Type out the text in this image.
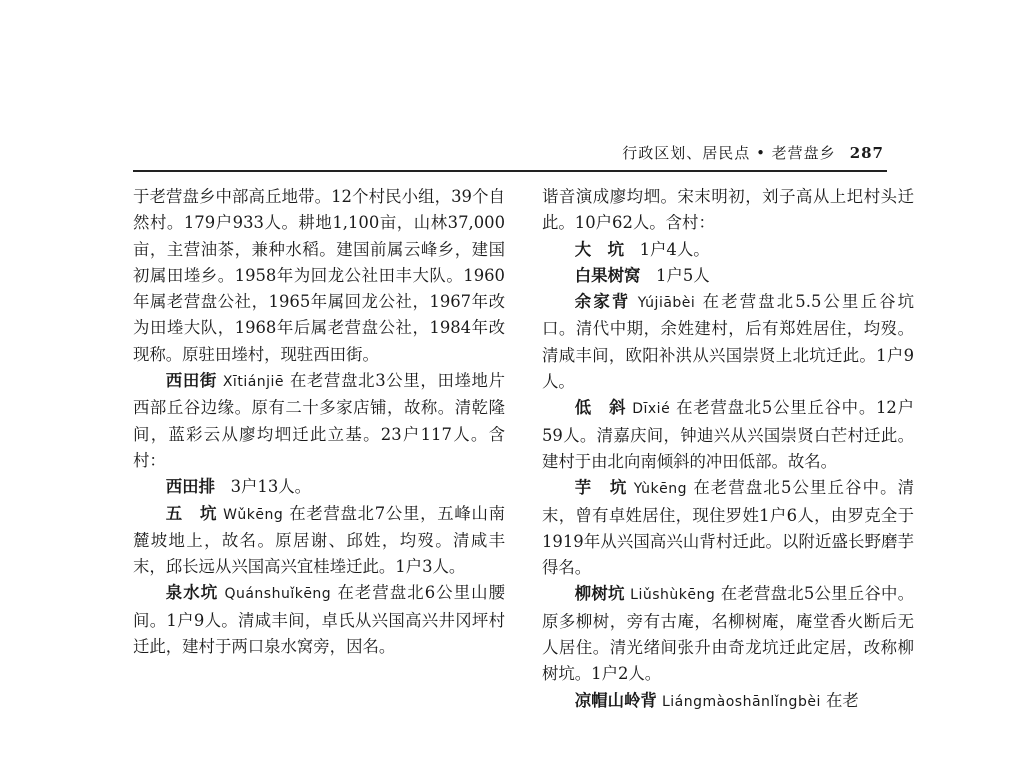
行政区划、居民点 • 老营盘乡 287

于老营盘乡中部高丘地带。12个村民小组，39个自然村。179户933人。耕地1,100亩，山林37,000亩，主营油茶，兼种水稻。建国前属云峰乡，建国初属田堘乡。1958年为回龙公社田丰大队。1960年属老营盘公社，1965年属回龙公社，1967年改为田堘大队，1968年后属老营盘公社，1984年改现称。原驻田堘村，现驻西田街。

西田街 Xītiánjiē 在老营盘北3公里，田堘地片西部丘谷边缘。原有二十多家店铺，故称。清乾隆间，蓝彩云从廖均垇迁此立基。23户117人。含村：

西田排   3户13人。

五　坑 Wǔkēng 在老营盘北7公里，五峰山南麓坡地上，故名。原居谢、邱姓，均歿。清咸丰末，邱长远从兴国高兴宜桂堘迁此。1户3人。

泉水坑 Quánshuǐkēng 在老营盘北6公里山腰间。1户9人。清咸丰间，卓氏从兴国高兴井冈坪村迁此，建村于两口泉水窝旁，因名。

谐音演成廖均垇。宋末明初，刘子高从上圯村头迁此。10户62人。含村：

大　坑   1户4人。

白果树窝   1户5人

余家背 Yújiābèi 在老营盘北5.5公里丘谷坑口。清代中期，余姓建村，后有郑姓居住，均歿。清咸丰间，欧阳补洪从兴国崇贤上北坑迁此。1户9人。

低　斜 Dīxié 在老营盘北5公里丘谷中。12户59人。清嘉庆间，钟迪兴从兴国崇贤白芒村迁此。建村于由北向南倾斜的冲田低部。故名。

芋　坑 Yùkēng 在老营盘北5公里丘谷中。清末，曾有卓姓居住，现住罗姓1户6人，由罗克全于1919年从兴国高兴山背村迁此。以附近盛长野磨芋得名。

柳树坑 Liǔshùkēng 在老营盘北5公里丘谷中。原多柳树，旁有古庵，名柳树庵，庵堂香火断后无人居住。清光绪间张升由奇龙坑迁此定居，改称柳树坑。1户2人。

凉帽山岭背 Liángmàoshānlǐngbèi 在老
